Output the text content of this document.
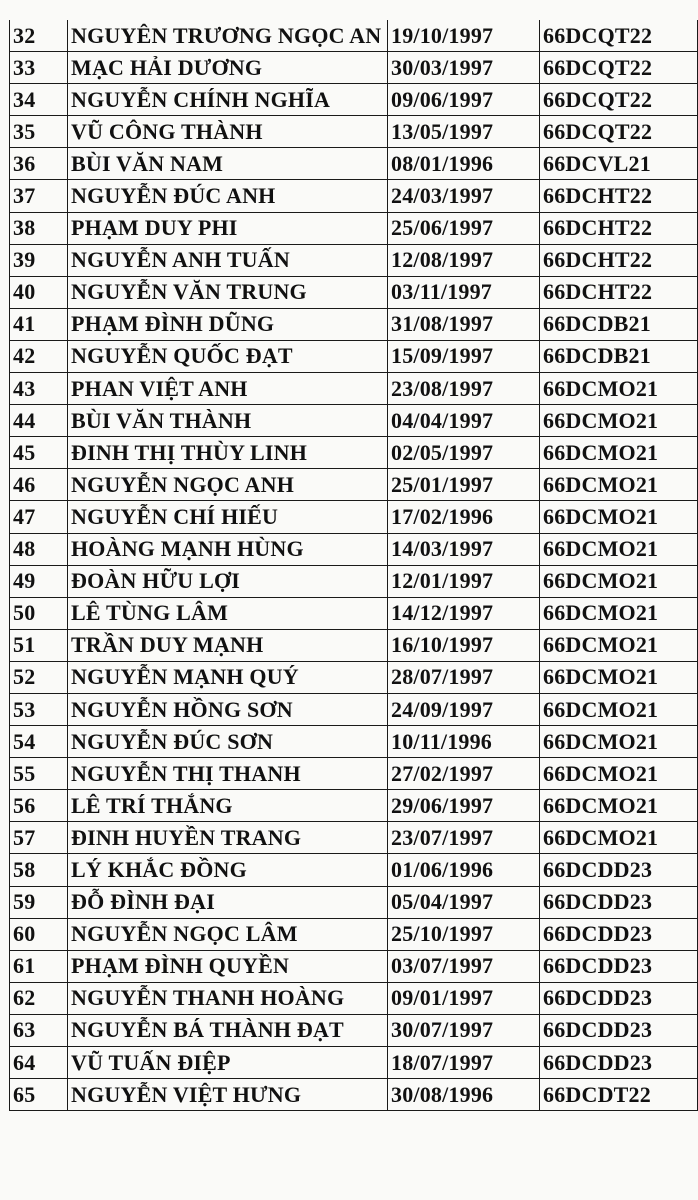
32	NGUYÊN TRƯƠNG NGỌC AN	19/10/1997	66DCQT22
33	MẠC HẢI DƯƠNG	30/03/1997	66DCQT22
34	NGUYỄN CHÍNH NGHĨA	09/06/1997	66DCQT22
35	VŨ CÔNG THÀNH	13/05/1997	66DCQT22
36	BÙI VĂN NAM	08/01/1996	66DCVL21
37	NGUYỄN ĐÚC ANH	24/03/1997	66DCHT22
38	PHẠM DUY PHI	25/06/1997	66DCHT22
39	NGUYỄN ANH TUẤN	12/08/1997	66DCHT22
40	NGUYỄN VĂN TRUNG	03/11/1997	66DCHT22
41	PHẠM ĐÌNH DŨNG	31/08/1997	66DCDB21
42	NGUYỄN QUỐC ĐẠT	15/09/1997	66DCDB21
43	PHAN VIỆT ANH	23/08/1997	66DCMO21
44	BÙI VĂN THÀNH	04/04/1997	66DCMO21
45	ĐINH THỊ THÙY LINH	02/05/1997	66DCMO21
46	NGUYỄN NGỌC ANH	25/01/1997	66DCMO21
47	NGUYỄN CHÍ HIẾU	17/02/1996	66DCMO21
48	HOÀNG MẠNH HÙNG	14/03/1997	66DCMO21
49	ĐOÀN HỮU LỢI	12/01/1997	66DCMO21
50	LÊ TÙNG LÂM	14/12/1997	66DCMO21
51	TRẦN DUY MẠNH	16/10/1997	66DCMO21
52	NGUYỄN MẠNH QUÝ	28/07/1997	66DCMO21
53	NGUYỄN HỒNG SƠN	24/09/1997	66DCMO21
54	NGUYỄN ĐÚC SƠN	10/11/1996	66DCMO21
55	NGUYỄN THỊ THANH	27/02/1997	66DCMO21
56	LÊ TRÍ THẮNG	29/06/1997	66DCMO21
57	ĐINH HUYỀN TRANG	23/07/1997	66DCMO21
58	LÝ KHẮC ĐỒNG	01/06/1996	66DCDD23
59	ĐỖ ĐÌNH ĐẠI	05/04/1997	66DCDD23
60	NGUYỄN NGỌC LÂM	25/10/1997	66DCDD23
61	PHẠM ĐÌNH QUYỀN	03/07/1997	66DCDD23
62	NGUYỄN THANH HOÀNG	09/01/1997	66DCDD23
63	NGUYỄN BÁ THÀNH ĐẠT	30/07/1997	66DCDD23
64	VŨ TUẤN ĐIỆP	18/07/1997	66DCDD23
65	NGUYỄN VIỆT HƯNG	30/08/1996	66DCDT22
